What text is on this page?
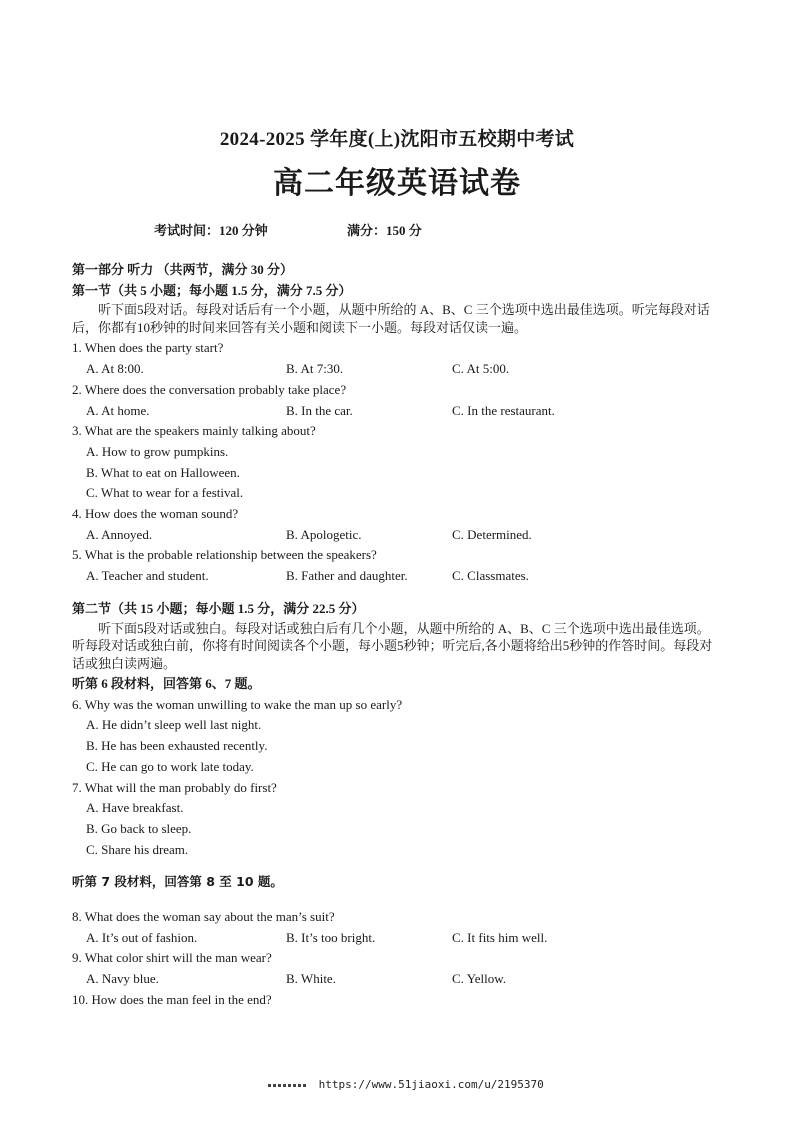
2024-2025 学年度(上)沈阳市五校期中考试
高二年级英语试卷
考试时间：120 分钟	满分：150 分
第一部分 听力 （共两节，满分 30 分）
第一节（共 5 小题；每小题 1.5 分，满分 7.5 分）
听下面5段对话。每段对话后有一个小题，从题中所给的 A、B、C 三个选项中选出最佳选项。听完每段对话后，你都有10秒钟的时间来回答有关小题和阅读下一小题。每段对话仅读一遍。
1. When does the party start?
A. At 8:00.	B. At 7:30.	C. At 5:00.
2. Where does the conversation probably take place?
A. At home.	B. In the car.	C. In the restaurant.
3. What are the speakers mainly talking about?
A. How to grow pumpkins.
B. What to eat on Halloween.
C. What to wear for a festival.
4. How does the woman sound?
A. Annoyed.	B. Apologetic.	C. Determined.
5. What is the probable relationship between the speakers?
A. Teacher and student.	B. Father and daughter.	C. Classmates.
第二节（共 15 小题；每小题 1.5 分，满分 22.5 分）
听下面5段对话或独白。每段对话或独白后有几个小题，从题中所给的 A、B、C 三个选项中选出最佳选项。听每段对话或独白前，你将有时间阅读各个小题，每小题5秒钟；听完后,各小题将给出5秒钟的作答时间。每段对话或独白读两遍。
听第 6 段材料，回答第 6、7 题。
6. Why was the woman unwilling to wake the man up so early?
A. He didn’t sleep well last night.
B. He has been exhausted recently.
C. He can go to work late today.
7. What will the man probably do first?
A. Have breakfast.
B. Go back to sleep.
C. Share his dream.
听第 7 段材料，回答第 8 至 10 题。
8. What does the woman say about the man’s suit?
A. It’s out of fashion.	B. It’s too bright.	C. It fits him well.
9. What color shirt will the man wear?
A. Navy blue.	B. White.	C. Yellow.
10. How does the man feel in the end?
https://www.51jiaoxi.com/u/2195370
